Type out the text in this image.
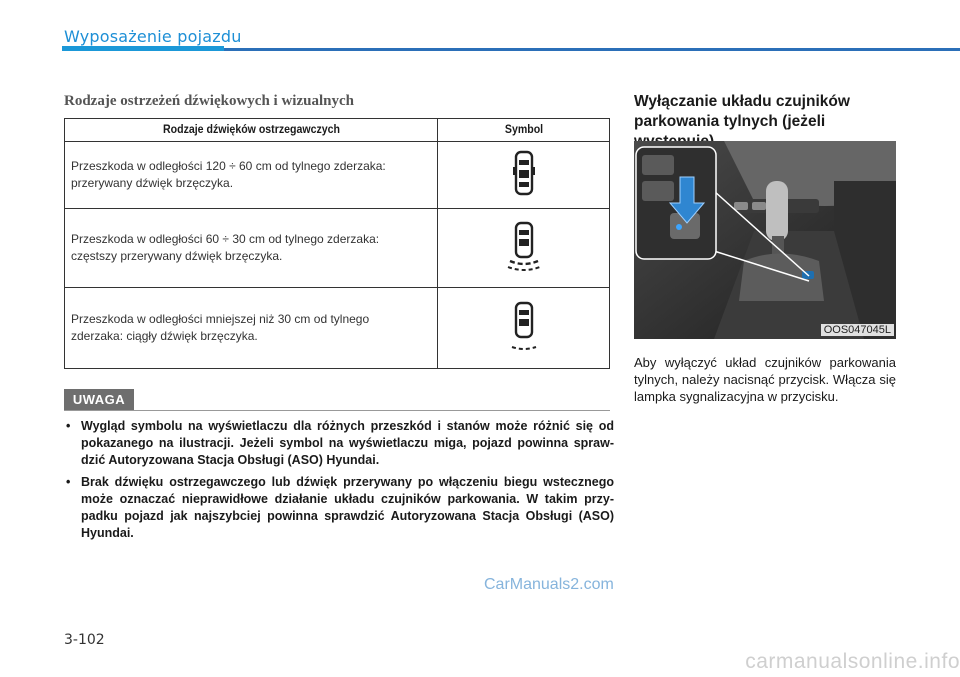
Wyposażenie pojazdu
Rodzaje ostrzeżeń dźwiękowych i wizualnych
Rodzaje dźwięków ostrzegawczych	Symbol
Przeszkoda w odległości 120 ÷ 60 cm od tylnego zderzaka:
przerywany dźwięk brzęczyka.	
Przeszkoda w odległości 60 ÷ 30 cm od tylnego zderzaka:
częstszy przerywany dźwięk brzęczyka.	
Przeszkoda w odległości mniejszej niż 30 cm od tylnego
zderzaka: ciągły dźwięk brzęczyka.	
UWAGA
• Wygląd symbolu na wyświetlaczu dla różnych przeszkód i stanów może różnić się od pokazanego na ilustracji. Jeżeli symbol na wyświetlaczu miga, pojazd powinna spraw-dzić Autoryzowana Stacja Obsługi (ASO) Hyundai.
• Brak dźwięku ostrzegawczego lub dźwięk przerywany po włączeniu biegu wstecznego może oznaczać nieprawidłowe działanie układu czujników parkowania. W takim przy-padku pojazd jak najszybciej powinna sprawdzić Autoryzowana Stacja Obsługi (ASO) Hyundai.
Wyłączanie układu czujników
parkowania tylnych (jeżeli
OOS047045L
Aby wyłączyć układ czujników parkowania tylnych, należy nacisnąć przycisk. Włącza się lampka sygnalizacyjna w przycisku.
CarManuals2.com
3-102
carmanualsonline.info
